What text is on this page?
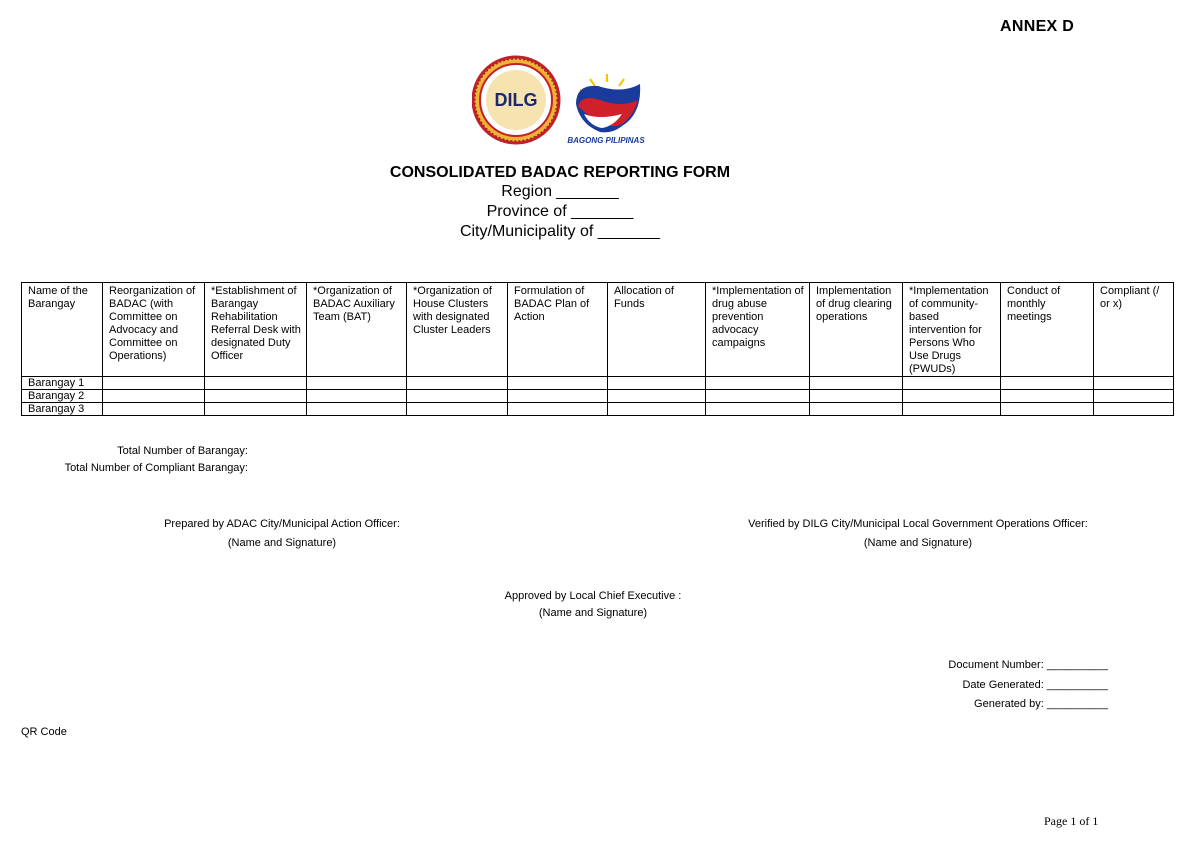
ANNEX D
DILG
BAGONG PILIPINAS
CONSOLIDATED BADAC REPORTING FORM
Region _______
Province of _______
City/Municipality of _______
Name of the Barangay	Reorganization of BADAC (with Committee on Advocacy and Committee on Operations)	*Establishment of Barangay Rehabilitation Referral Desk with designated Duty Officer	*Organization of BADAC Auxiliary Team (BAT)	*Organization of House Clusters with designated Cluster Leaders	Formulation of BADAC Plan of Action	Allocation of Funds	*Implementation of drug abuse prevention advocacy campaigns	Implementation of drug clearing operations	*Implementation of community-based intervention for Persons Who Use Drugs (PWUDs)	Conduct of monthly meetings	Compliant (/ or x)
Barangay 1											
Barangay 2											
Barangay 3											
Total Number of Barangay:
Total Number of Compliant Barangay:
Prepared by ADAC City/Municipal Action Officer:
(Name and Signature)
Verified by DILG City/Municipal Local Government Operations Officer:
(Name and Signature)
Approved by Local Chief Executive :
(Name and Signature)
Document Number: __________
Date Generated: __________
Generated by: __________
QR Code
Page 1 of 1
